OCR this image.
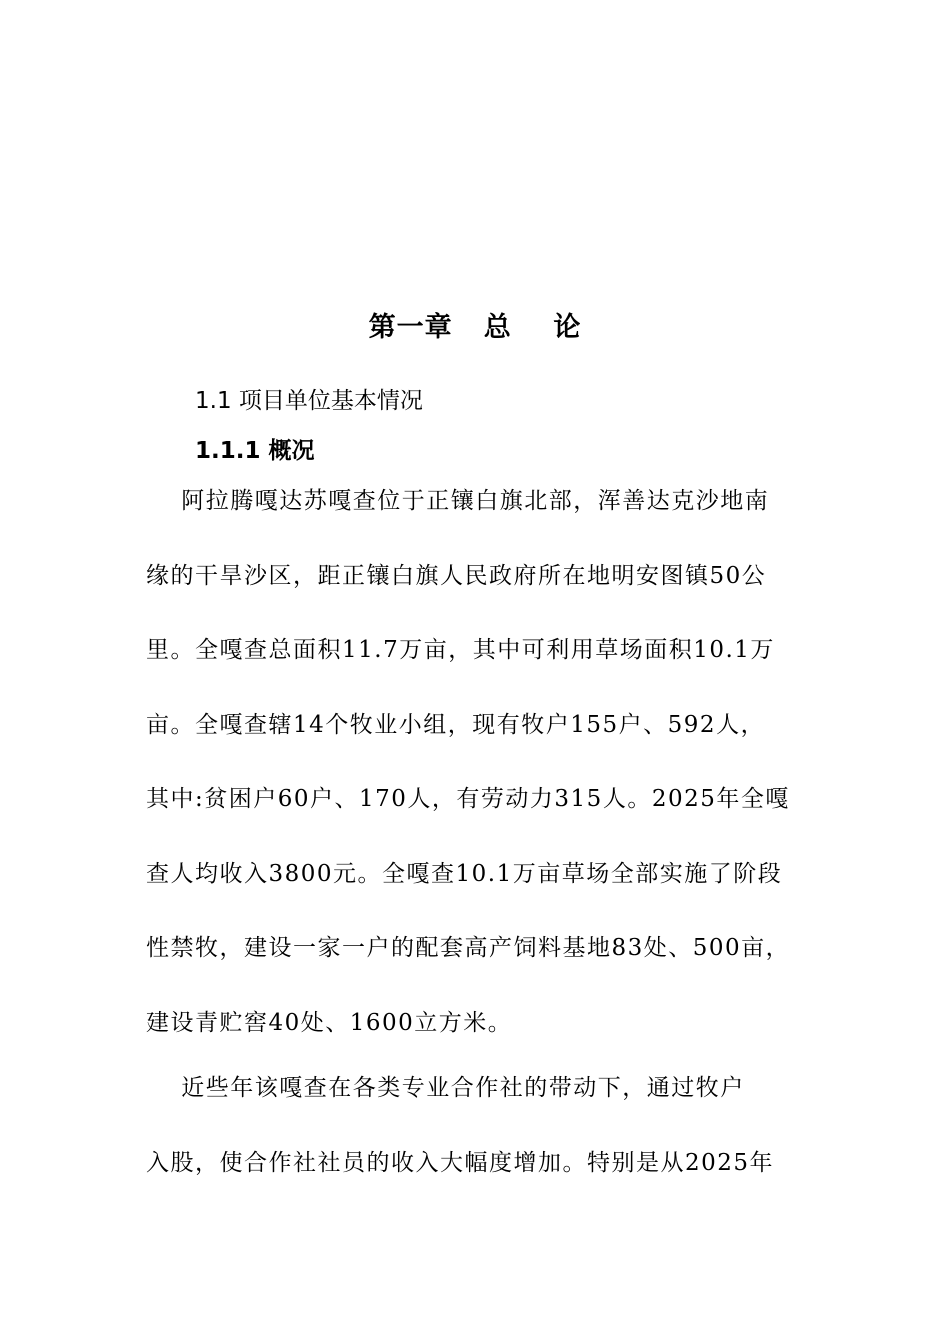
第一章   总    论
1.1 项目单位基本情况
1.1.1 概况
阿拉腾嘎达苏嘎查位于正镶白旗北部，浑善达克沙地南
缘的干旱沙区，距正镶白旗人民政府所在地明安图镇50公
里。全嘎查总面积11.7万亩，其中可利用草场面积10.1万
亩。全嘎查辖14个牧业小组，现有牧户155户、592人，
其中:贫困户60户、170人，有劳动力315人。2025年全嘎
查人均收入3800元。全嘎查10.1万亩草场全部实施了阶段
性禁牧，建设一家一户的配套高产饲料基地83处、500亩，
建设青贮窖40处、1600立方米。
近些年该嘎查在各类专业合作社的带动下，通过牧户
入股，使合作社社员的收入大幅度增加。特别是从2025年
